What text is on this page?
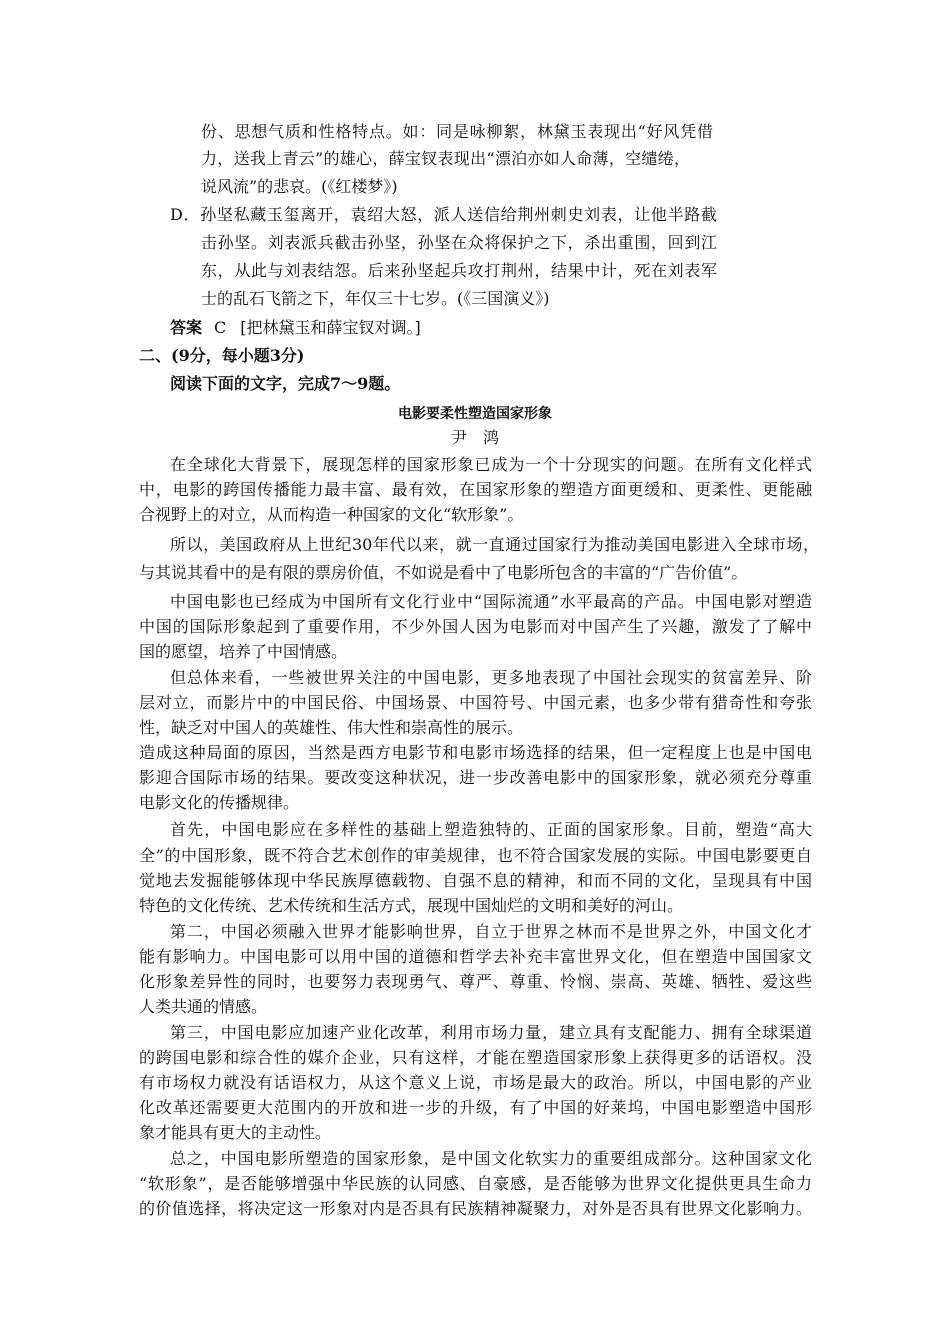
份、思想气质和性格特点。如：同是咏柳絮，林黛玉表现出“好风凭借
力，送我上青云”的雄心，薛宝钗表现出“漂泊亦如人命薄，空缱绻，
说风流”的悲哀。(《红楼梦》)
D．孙坚私藏玉玺离开，袁绍大怒，派人送信给荆州刺史刘表，让他半路截
击孙坚。刘表派兵截击孙坚，孙坚在众将保护之下，杀出重围，回到江
东，从此与刘表结怨。后来孙坚起兵攻打荆州，结果中计，死在刘表军
士的乱石飞箭之下，年仅三十七岁。(《三国演义》)
答案 C [把林黛玉和薛宝钗对调。]
二、(9分，每小题3分)
阅读下面的文字，完成7～9题。
电影要柔性塑造国家形象
尹　鸿
在全球化大背景下，展现怎样的国家形象已成为一个十分现实的问题。在所有文化样式
中，电影的跨国传播能力最丰富、最有效，在国家形象的塑造方面更缓和、更柔性、更能融
合视野上的对立，从而构造一种国家的文化“软形象”。
所以，美国政府从上世纪30年代以来，就一直通过国家行为推动美国电影进入全球市场，
与其说其看中的是有限的票房价值，不如说是看中了电影所包含的丰富的“广告价值”。
中国电影也已经成为中国所有文化行业中“国际流通”水平最高的产品。中国电影对塑造
中国的国际形象起到了重要作用，不少外国人因为电影而对中国产生了兴趣，激发了了解中
国的愿望，培养了中国情感。
但总体来看，一些被世界关注的中国电影，更多地表现了中国社会现实的贫富差异、阶
层对立，而影片中的中国民俗、中国场景、中国符号、中国元素，也多少带有猎奇性和夸张
性，缺乏对中国人的英雄性、伟大性和崇高性的展示。
造成这种局面的原因，当然是西方电影节和电影市场选择的结果，但一定程度上也是中国电
影迎合国际市场的结果。要改变这种状况，进一步改善电影中的国家形象，就必须充分尊重
电影文化的传播规律。
首先，中国电影应在多样性的基础上塑造独特的、正面的国家形象。目前，塑造“高大
全”的中国形象，既不符合艺术创作的审美规律，也不符合国家发展的实际。中国电影要更自
觉地去发掘能够体现中华民族厚德载物、自强不息的精神，和而不同的文化，呈现具有中国
特色的文化传统、艺术传统和生活方式，展现中国灿烂的文明和美好的河山。
第二，中国必须融入世界才能影响世界，自立于世界之林而不是世界之外，中国文化才
能有影响力。中国电影可以用中国的道德和哲学去补充丰富世界文化，但在塑造中国国家文
化形象差异性的同时，也要努力表现勇气、尊严、尊重、怜悯、崇高、英雄、牺牲、爱这些
人类共通的情感。
第三，中国电影应加速产业化改革，利用市场力量，建立具有支配能力、拥有全球渠道
的跨国电影和综合性的媒介企业，只有这样，才能在塑造国家形象上获得更多的话语权。没
有市场权力就没有话语权力，从这个意义上说，市场是最大的政治。所以，中国电影的产业
化改革还需要更大范围内的开放和进一步的升级，有了中国的好莱坞，中国电影塑造中国形
象才能具有更大的主动性。
总之，中国电影所塑造的国家形象，是中国文化软实力的重要组成部分。这种国家文化
“软形象”，是否能够增强中华民族的认同感、自豪感，是否能够为世界文化提供更具生命力
的价值选择，将决定这一形象对内是否具有民族精神凝聚力，对外是否具有世界文化影响力。
